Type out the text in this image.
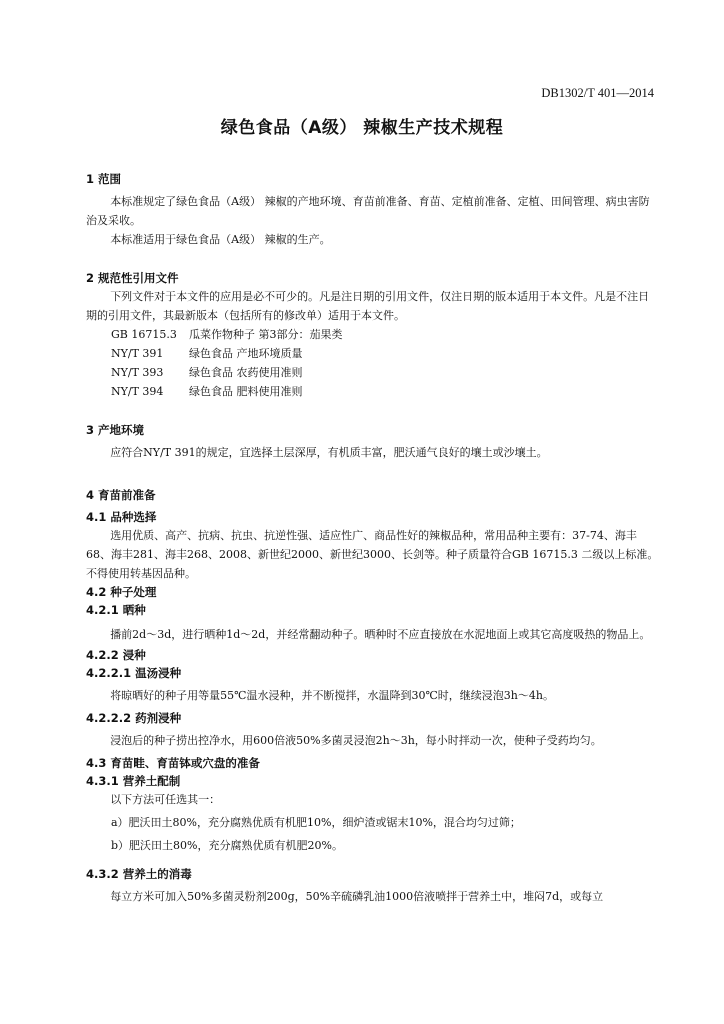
DB1302/T 401—2014
绿色食品（A级） 辣椒生产技术规程
1 范围

本标准规定了绿色食品（A级） 辣椒的产地环境、育苗前准备、育苗、定植前准备、定植、田间管理、病虫害防治及采收。

本标准适用于绿色食品（A级） 辣椒的生产。

2 规范性引用文件

下列文件对于本文件的应用是必不可少的。凡是注日期的引用文件，仅注日期的版本适用于本文件。凡是不注日期的引用文件，其最新版本（包括所有的修改单）适用于本文件。

GB 16715.3 瓜菜作物种子 第3部分：茄果类
NY/T 391 绿色食品 产地环境质量
NY/T 393 绿色食品 农药使用准则
NY/T 394 绿色食品 肥料使用准则
3 产地环境

应符合NY/T 391的规定，宜选择土层深厚，有机质丰富，肥沃通气良好的壤土或沙壤土。

4 育苗前准备
4.1 品种选择

选用优质、高产、抗病、抗虫、抗逆性强、适应性广、商品性好的辣椒品种，常用品种主要有：37-74、海丰68、海丰281、海丰268、2008、新世纪2000、新世纪3000、长剑等。种子质量符合GB 16715.3 二级以上标准。不得使用转基因品种。

4.2 种子处理
4.2.1 晒种

播前2d～3d，进行晒种1d～2d，并经常翻动种子。晒种时不应直接放在水泥地面上或其它高度吸热的物品上。

4.2.2 浸种
4.2.2.1 温汤浸种

将晾晒好的种子用等量55℃温水浸种，并不断搅拌，水温降到30℃时，继续浸泡3h～4h。

4.2.2.2 药剂浸种

浸泡后的种子捞出控净水，用600倍液50%多菌灵浸泡2h～3h，每小时拌动一次，使种子受药均匀。

4.3 育苗畦、育苗钵或穴盘的准备
4.3.1 营养土配制

以下方法可任选其一：

a）肥沃田土80%，充分腐熟优质有机肥10%，细炉渣或锯末10%，混合均匀过筛；

b）肥沃田土80%，充分腐熟优质有机肥20%。

4.3.2 营养土的消毒

每立方米可加入50%多菌灵粉剂200g，50%辛硫磷乳油1000倍液喷拌于营养土中，堆闷7d，或每立
